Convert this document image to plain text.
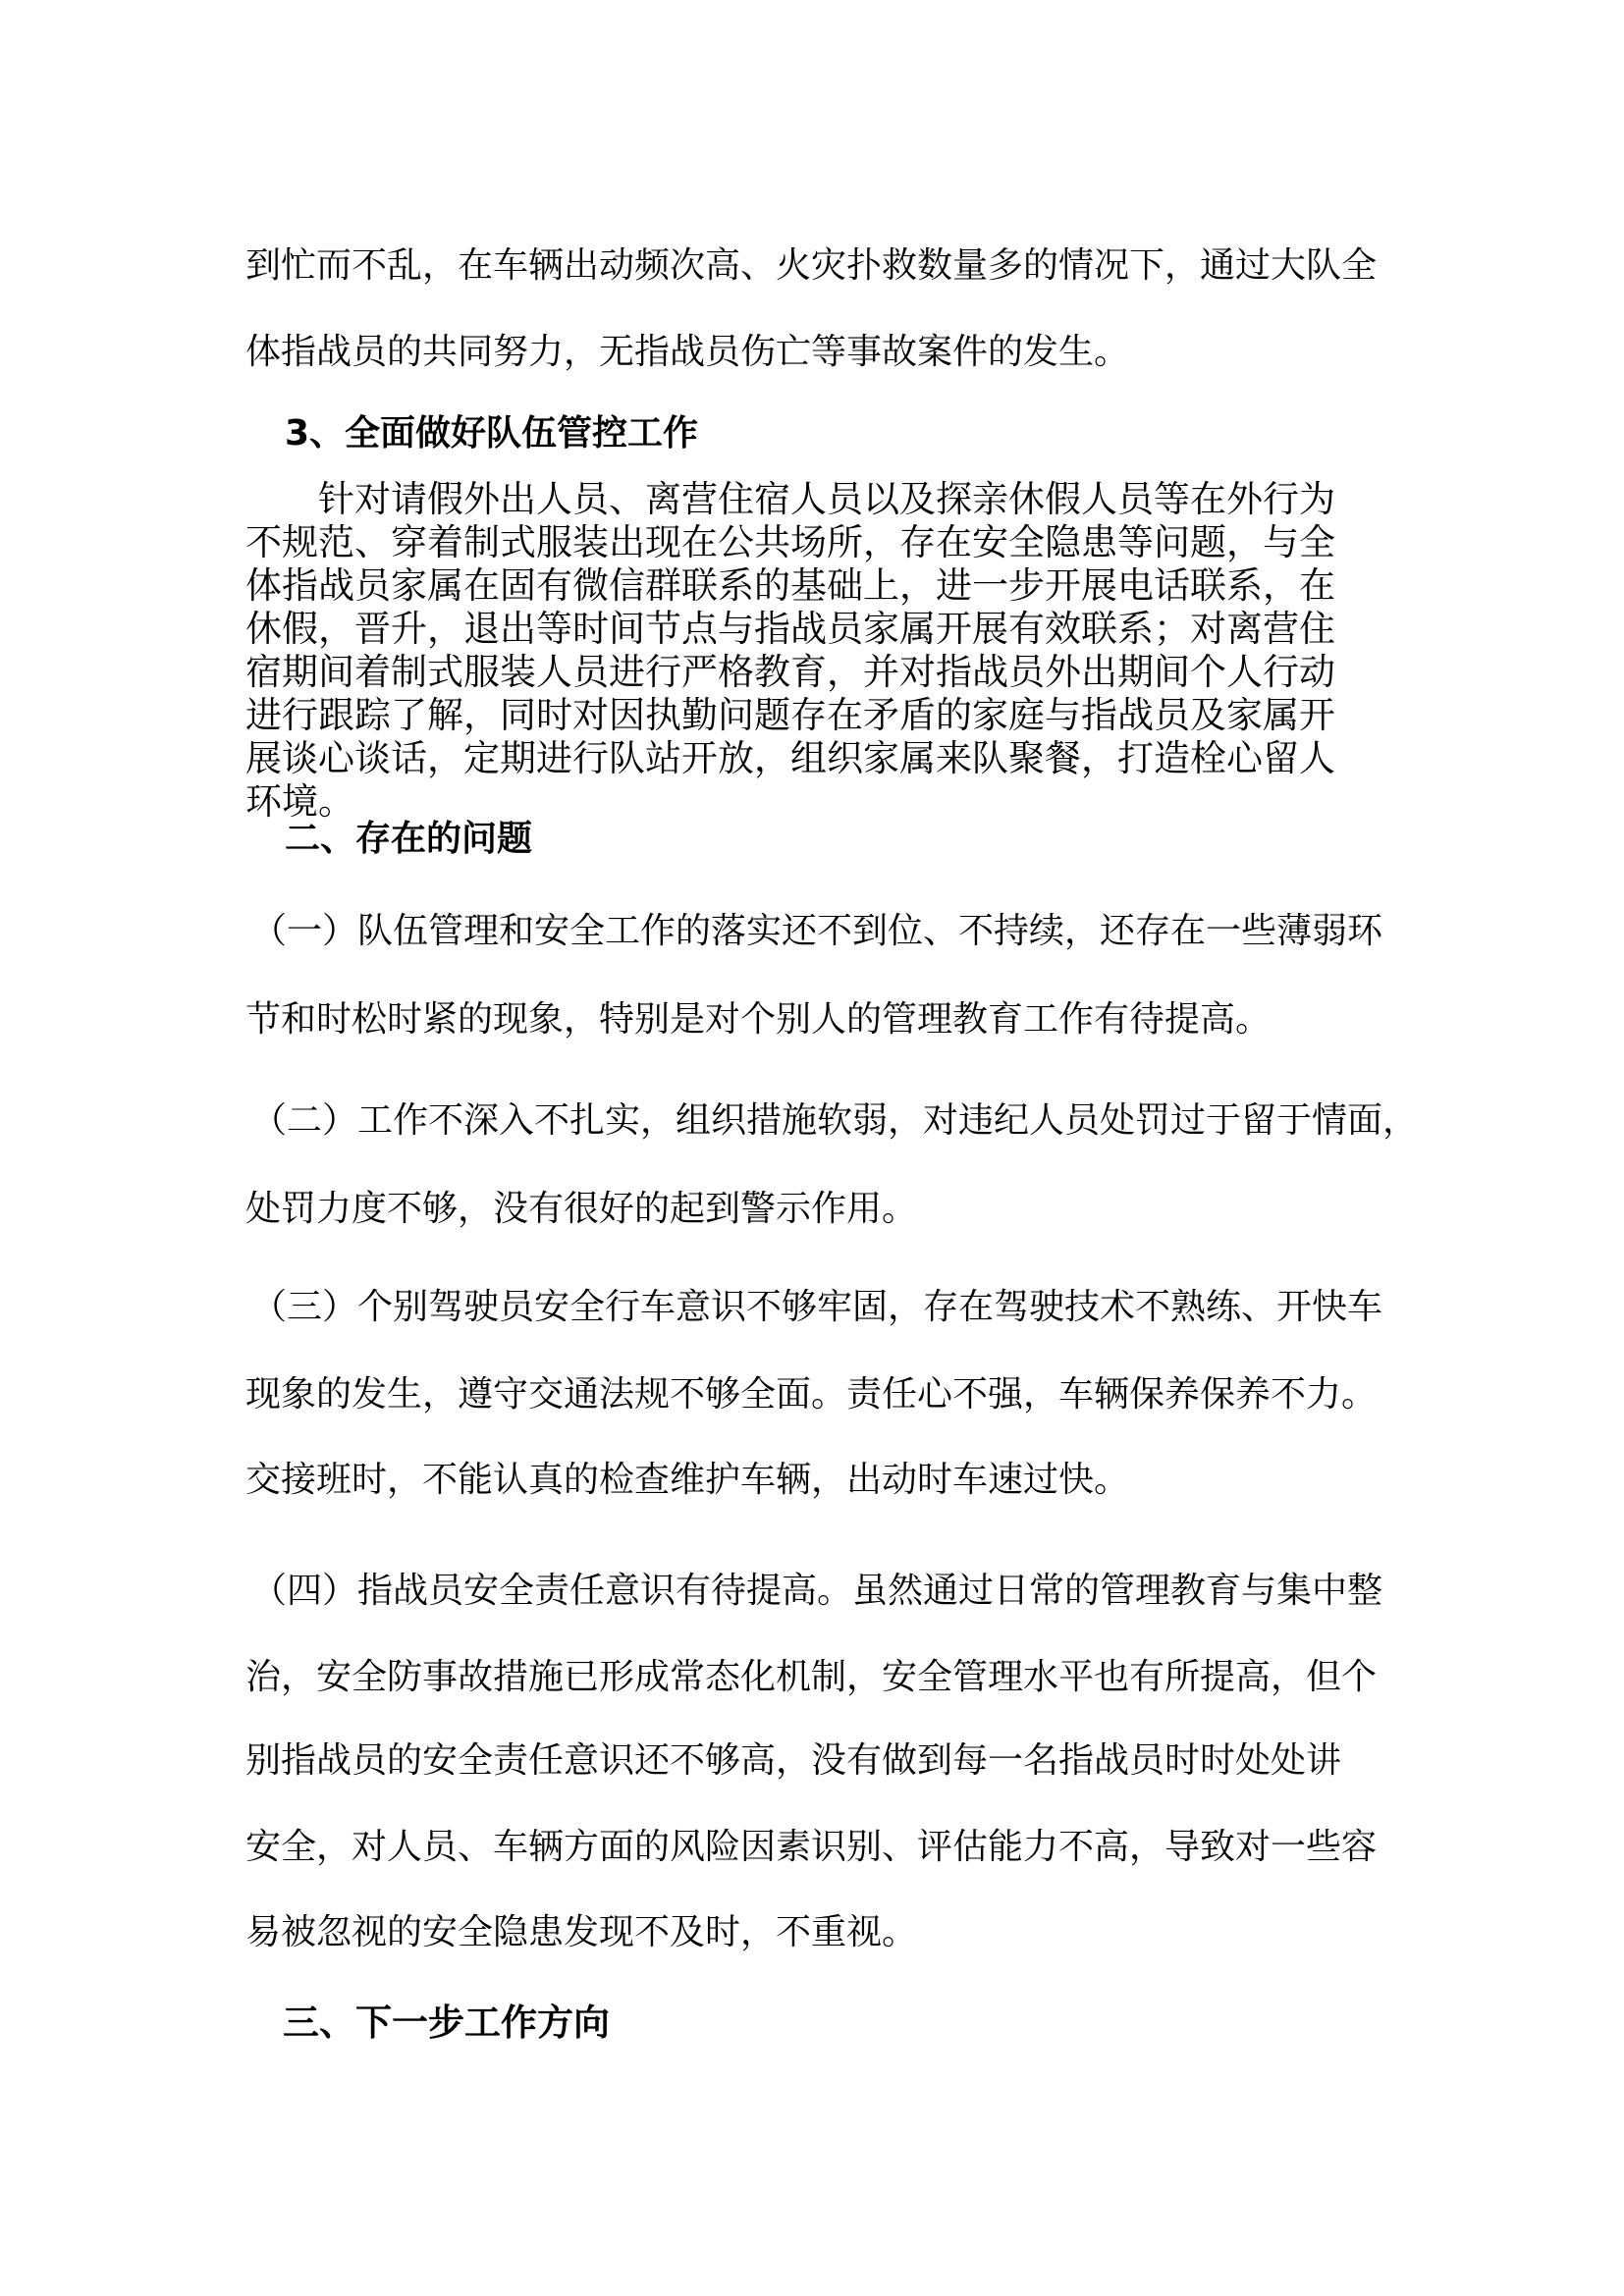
到忙而不乱，在车辆出动频次高、火灾扑救数量多的情况下，通过大队全
体指战员的共同努力，无指战员伤亡等事故案件的发生。
3、全面做好队伍管控工作
　　针对请假外出人员、离营住宿人员以及探亲休假人员等在外行为
不规范、穿着制式服装出现在公共场所，存在安全隐患等问题，与全
体指战员家属在固有微信群联系的基础上，进一步开展电话联系，在
休假，晋升，退出等时间节点与指战员家属开展有效联系；对离营住
宿期间着制式服装人员进行严格教育，并对指战员外出期间个人行动
进行跟踪了解，同时对因执勤问题存在矛盾的家庭与指战员及家属开
展谈心谈话，定期进行队站开放，组织家属来队聚餐，打造栓心留人
环境。
二、存在的问题
（一）队伍管理和安全工作的落实还不到位、不持续，还存在一些薄弱环
节和时松时紧的现象，特别是对个别人的管理教育工作有待提高。
（二）工作不深入不扎实，组织措施软弱，对违纪人员处罚过于留于情面，
处罚力度不够，没有很好的起到警示作用。
（三）个别驾驶员安全行车意识不够牢固，存在驾驶技术不熟练、开快车
现象的发生，遵守交通法规不够全面。责任心不强，车辆保养保养不力。
交接班时，不能认真的检查维护车辆，出动时车速过快。
（四）指战员安全责任意识有待提高。虽然通过日常的管理教育与集中整
治，安全防事故措施已形成常态化机制，安全管理水平也有所提高，但个
别指战员的安全责任意识还不够高，没有做到每一名指战员时时处处讲
安全，对人员、车辆方面的风险因素识别、评估能力不高，导致对一些容
易被忽视的安全隐患发现不及时，不重视。
三、下一步工作方向
